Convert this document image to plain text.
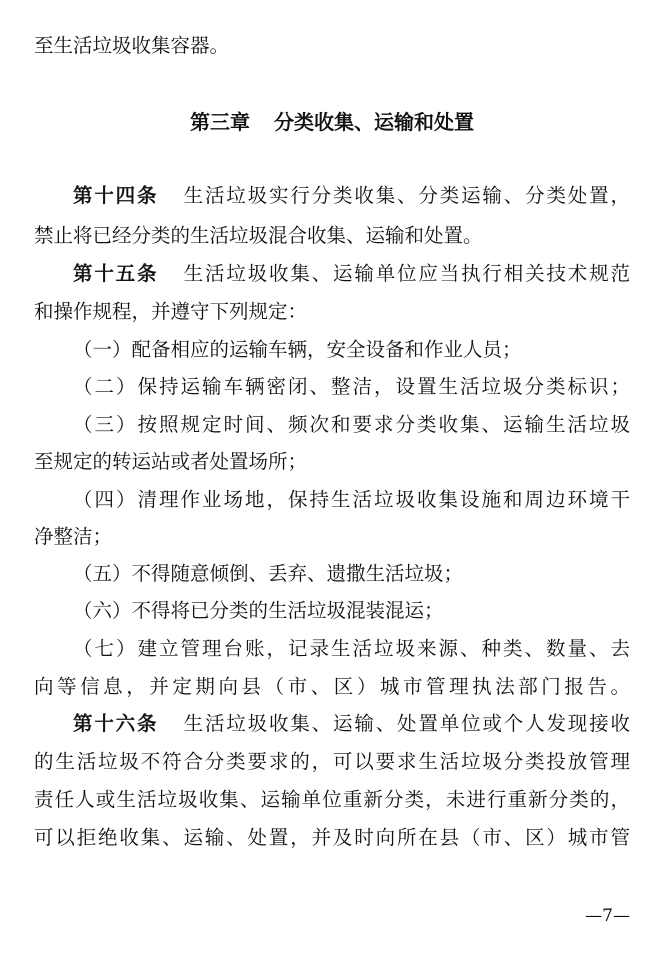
至生活垃圾收集容器。
第三章 分类收集、运输和处置
第十四条 生活垃圾实行分类收集、分类运输、分类处置，
禁止将已经分类的生活垃圾混合收集、运输和处置。
第十五条 生活垃圾收集、运输单位应当执行相关技术规范
和操作规程，并遵守下列规定：
（一）配备相应的运输车辆，安全设备和作业人员；
（二）保持运输车辆密闭、整洁，设置生活垃圾分类标识；
（三）按照规定时间、频次和要求分类收集、运输生活垃圾
至规定的转运站或者处置场所；
（四）清理作业场地，保持生活垃圾收集设施和周边环境干
净整洁；
（五）不得随意倾倒、丢弃、遗撒生活垃圾；
（六）不得将已分类的生活垃圾混装混运；
（七）建立管理台账，记录生活垃圾来源、种类、数量、去
向等信息，并定期向县（市、区）城市管理执法部门报告。
第十六条 生活垃圾收集、运输、处置单位或个人发现接收
的生活垃圾不符合分类要求的，可以要求生活垃圾分类投放管理
责任人或生活垃圾收集、运输单位重新分类，未进行重新分类的，
可以拒绝收集、运输、处置，并及时向所在县（市、区）城市管
—7—
